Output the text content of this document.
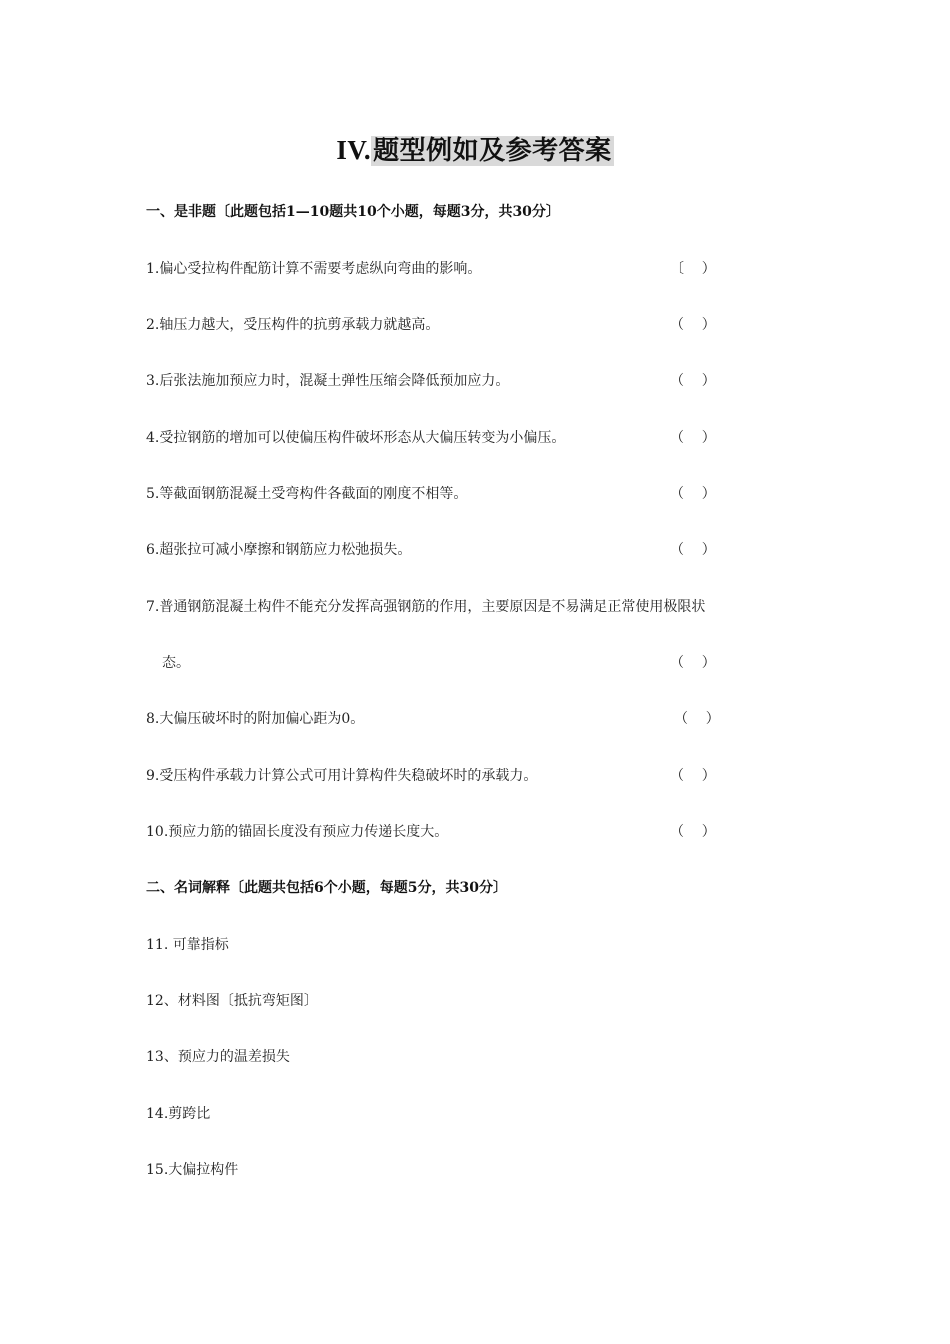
IV.题型例如及参考答案
一、是非题〔此题包括1—10题共10个小题，每题3分，共30分〕
1.偏心受拉构件配筋计算不需要考虑纵向弯曲的影响。	〔    ）
2.轴压力越大，受压构件的抗剪承载力就越高。	（    ）
3.后张法施加预应力时，混凝土弹性压缩会降低预加应力。	（    ）
4.受拉钢筋的增加可以使偏压构件破坏形态从大偏压转变为小偏压。	（    ）
5.等截面钢筋混凝土受弯构件各截面的刚度不相等。	（    ）
6.超张拉可减小摩擦和钢筋应力松弛损失。	（    ）
7.普通钢筋混凝土构件不能充分发挥高强钢筋的作用，主要原因是不易满足正常使用极限状
态。	（    ）
8.大偏压破坏时的附加偏心距为0。	（    ）
9.受压构件承载力计算公式可用计算构件失稳破坏时的承载力。	（    ）
10.预应力筋的锚固长度没有预应力传递长度大。	（    ）
二、名词解释〔此题共包括6个小题，每题5分，共30分〕
11. 可靠指标
12、材料图〔抵抗弯矩图〕
13、预应力的温差损失
14.剪跨比
15.大偏拉构件
